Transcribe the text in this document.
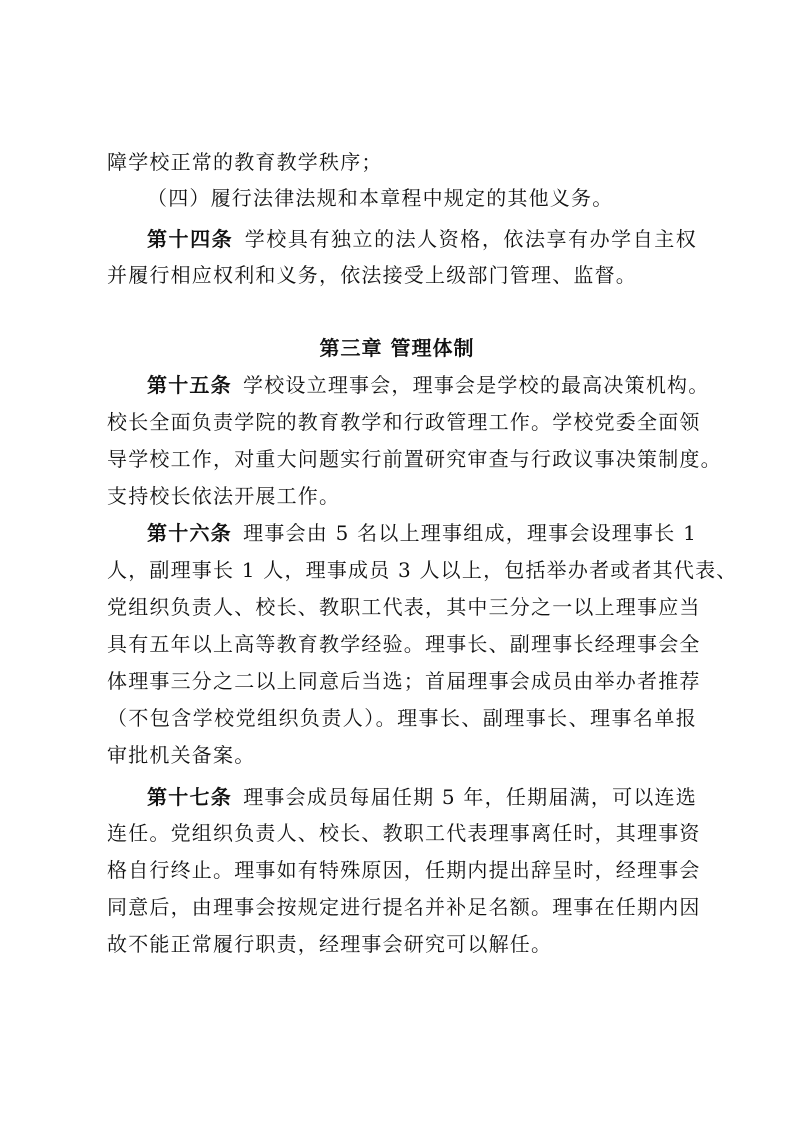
障学校正常的教育教学秩序；
（四）履行法律法规和本章程中规定的其他义务。
第十四条  学校具有独立的法人资格，依法享有办学自主权
并履行相应权利和义务，依法接受上级部门管理、监督。
第三章 管理体制
第十五条  学校设立理事会，理事会是学校的最高决策机构。
校长全面负责学院的教育教学和行政管理工作。学校党委全面领
导学校工作，对重大问题实行前置研究审查与行政议事决策制度。
支持校长依法开展工作。
第十六条  理事会由 5 名以上理事组成，理事会设理事长 1
人，副理事长 1 人，理事成员 3 人以上，包括举办者或者其代表、
党组织负责人、校长、教职工代表，其中三分之一以上理事应当
具有五年以上高等教育教学经验。理事长、副理事长经理事会全
体理事三分之二以上同意后当选；首届理事会成员由举办者推荐
（不包含学校党组织负责人）。理事长、副理事长、理事名单报
审批机关备案。
第十七条  理事会成员每届任期 5 年，任期届满，可以连选
连任。党组织负责人、校长、教职工代表理事离任时，其理事资
格自行终止。理事如有特殊原因，任期内提出辞呈时，经理事会
同意后，由理事会按规定进行提名并补足名额。理事在任期内因
故不能正常履行职责，经理事会研究可以解任。
